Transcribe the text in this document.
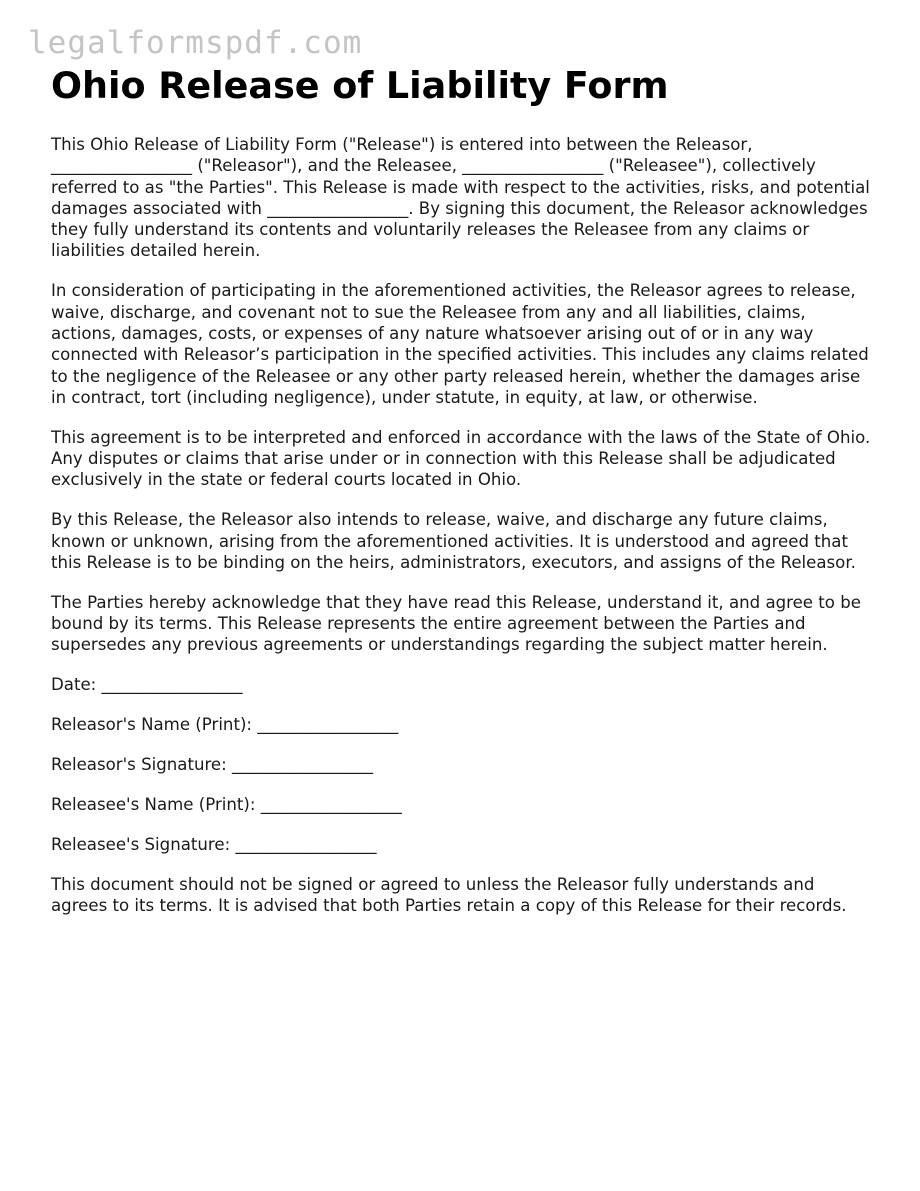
legalformspdf.com
Ohio Release of Liability Form

This Ohio Release of Liability Form ("Release") is entered into between the Releasor, _________________ ("Releasor"), and the Releasee, _________________ ("Releasee"), collectively referred to as "the Parties". This Release is made with respect to the activities, risks, and potential damages associated with _________________. By signing this document, the Releasor acknowledges they fully understand its contents and voluntarily releases the Releasee from any claims or liabilities detailed herein.

In consideration of participating in the aforementioned activities, the Releasor agrees to release, waive, discharge, and covenant not to sue the Releasee from any and all liabilities, claims, actions, damages, costs, or expenses of any nature whatsoever arising out of or in any way connected with Releasor’s participation in the specified activities. This includes any claims related to the negligence of the Releasee or any other party released herein, whether the damages arise in contract, tort (including negligence), under statute, in equity, at law, or otherwise.

This agreement is to be interpreted and enforced in accordance with the laws of the State of Ohio. Any disputes or claims that arise under or in connection with this Release shall be adjudicated exclusively in the state or federal courts located in Ohio.

By this Release, the Releasor also intends to release, waive, and discharge any future claims, known or unknown, arising from the aforementioned activities. It is understood and agreed that this Release is to be binding on the heirs, administrators, executors, and assigns of the Releasor.

The Parties hereby acknowledge that they have read this Release, understand it, and agree to be bound by its terms. This Release represents the entire agreement between the Parties and supersedes any previous agreements or understandings regarding the subject matter herein.

Date: _________________
Releasor's Name (Print): _________________
Releasor's Signature: _________________
Releasee's Name (Print): _________________
Releasee's Signature: _________________

This document should not be signed or agreed to unless the Releasor fully understands and agrees to its terms. It is advised that both Parties retain a copy of this Release for their records.
